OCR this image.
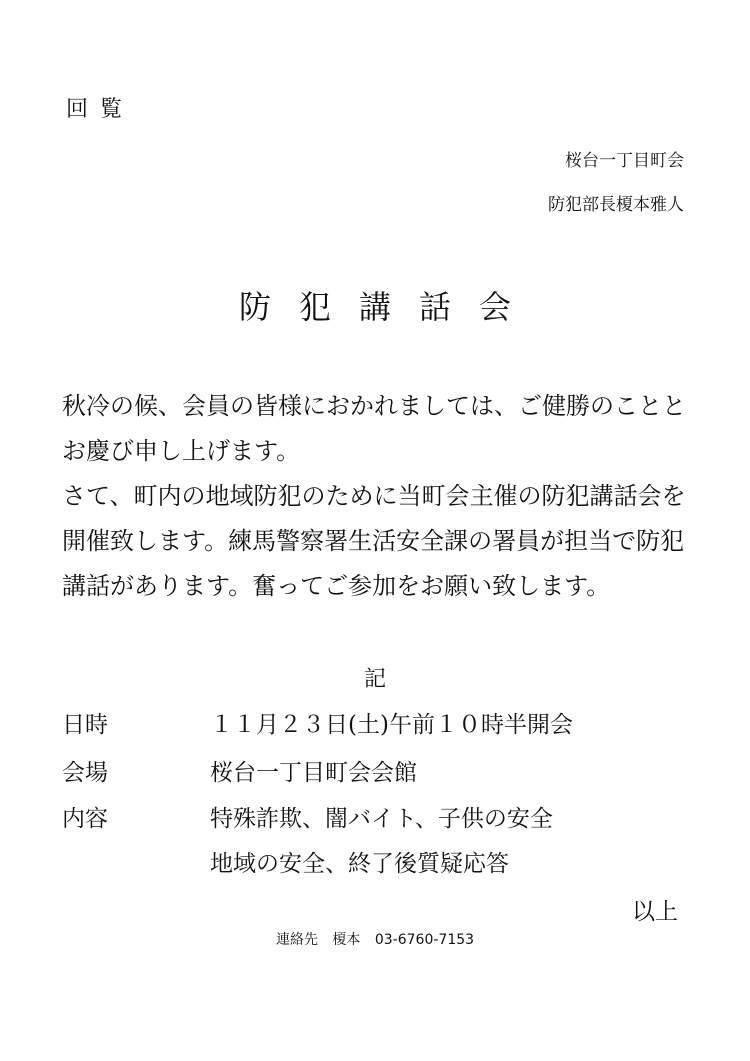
回覧
桜台一丁目町会
防犯部長榎本雅人
防犯講話会

秋冷の候、会員の皆様におかれましては、ご健勝のこととお慶び申し上げます。

さて、町内の地域防犯のために当町会主催の防犯講話会を開催致します。練馬警察署生活安全課の署員が担当で防犯講話があります。奮ってご参加をお願い致します。

記
日時	１１月２３日(土)午前１０時半開会
会場	桜台一丁目町会会館
内容	特殊詐欺、闇バイト、子供の安全
地域の安全、終了後質疑応答
以上
連絡先 榎本 03-6760-7153
